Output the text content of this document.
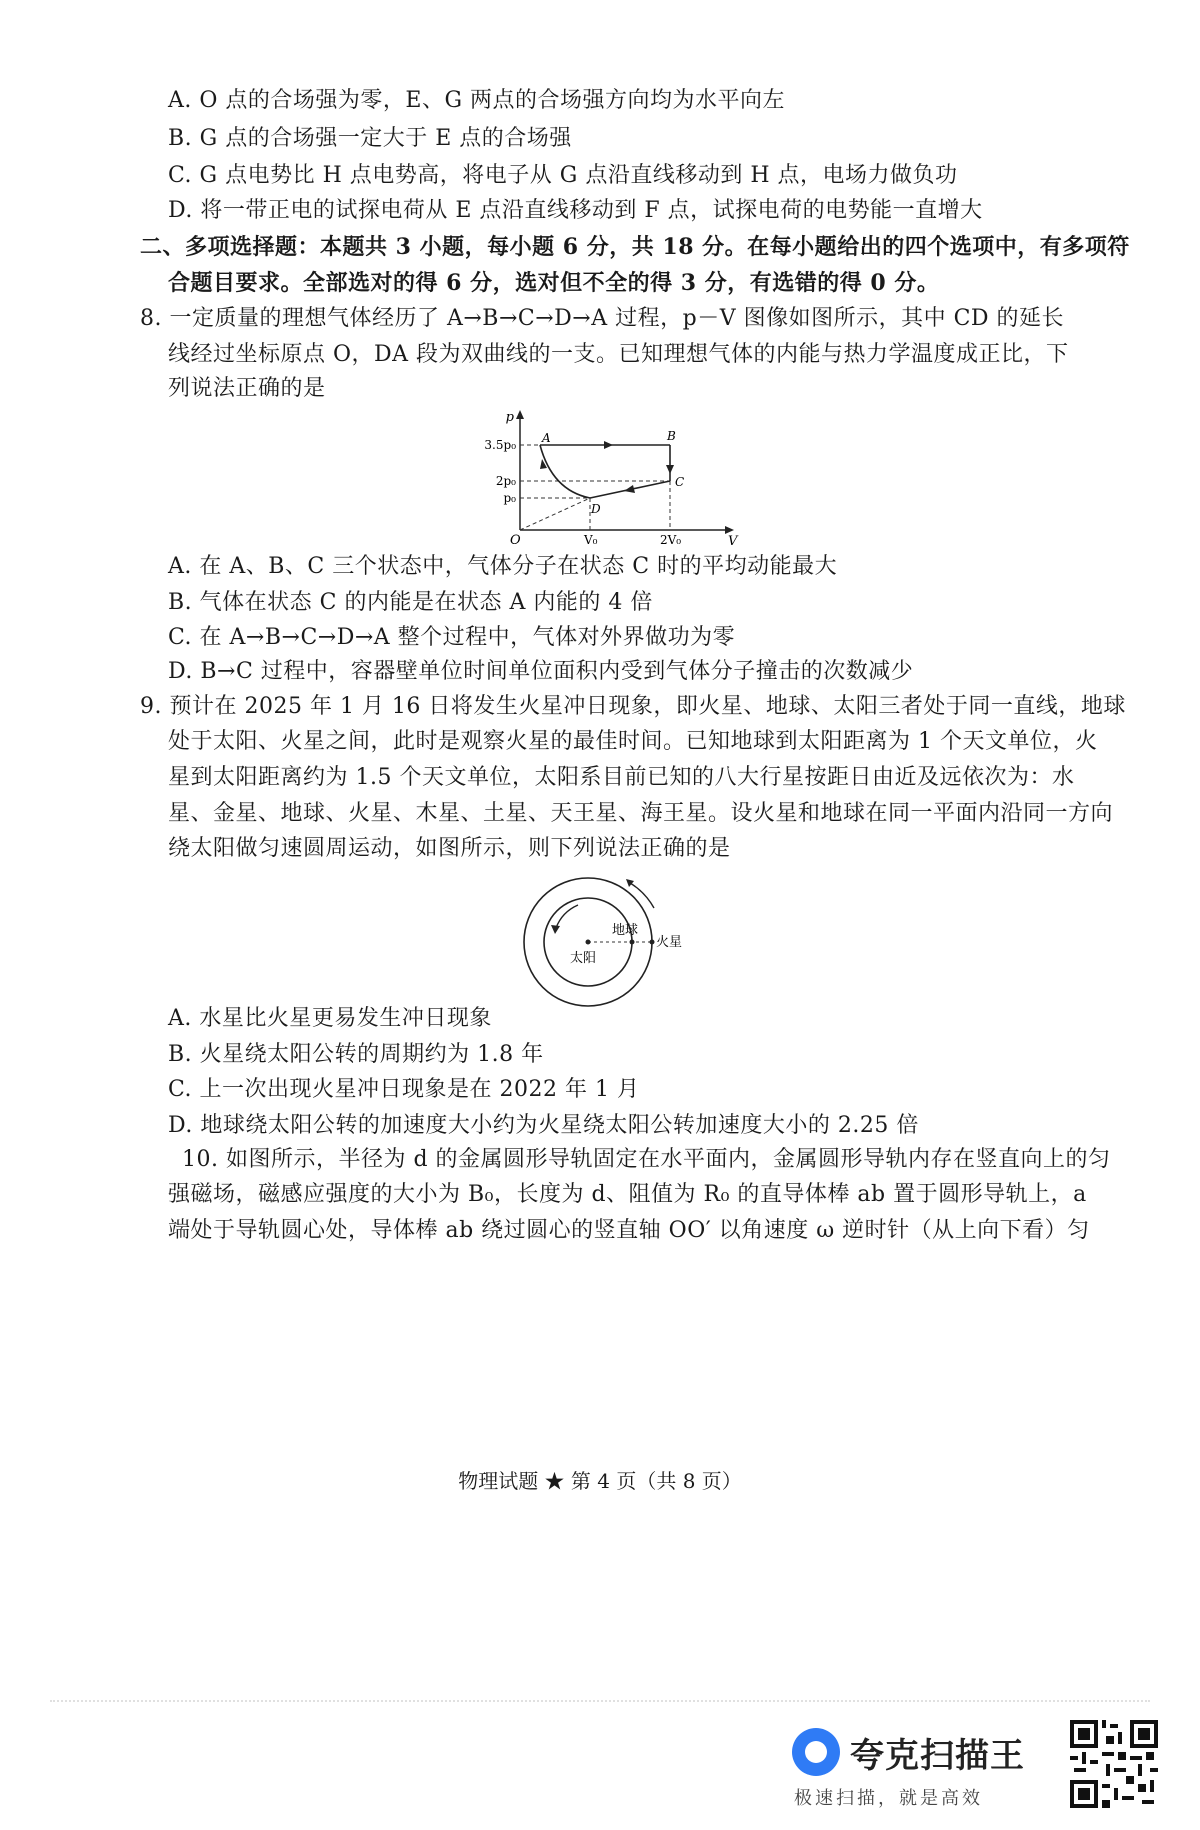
A. O 点的合场强为零，E、G 两点的合场强方向均为水平向左
B. G 点的合场强一定大于 E 点的合场强
C. G 点电势比 H 点电势高，将电子从 G 点沿直线移动到 H 点，电场力做负功
D. 将一带正电的试探电荷从 E 点沿直线移动到 F 点，试探电荷的电势能一直增大
二、多项选择题：本题共 3 小题，每小题 6 分，共 18 分。在每小题给出的四个选项中，有多项符
合题目要求。全部选对的得 6 分，选对但不全的得 3 分，有选错的得 0 分。
8. 一定质量的理想气体经历了 A→B→C→D→A 过程，p－V 图像如图所示，其中 CD 的延长
线经过坐标原点 O，DA 段为双曲线的一支。已知理想气体的内能与热力学温度成正比，下
列说法正确的是
p
V
O
3.5p₀
2p₀
p₀
V₀	2V₀
A	B
C
D
A. 在 A、B、C 三个状态中，气体分子在状态 C 时的平均动能最大
B. 气体在状态 C 的内能是在状态 A 内能的 4 倍
C. 在 A→B→C→D→A 整个过程中，气体对外界做功为零
D. B→C 过程中，容器壁单位时间单位面积内受到气体分子撞击的次数减少
9. 预计在 2025 年 1 月 16 日将发生火星冲日现象，即火星、地球、太阳三者处于同一直线，地球
处于太阳、火星之间，此时是观察火星的最佳时间。已知地球到太阳距离为 1 个天文单位，火
星到太阳距离约为 1.5 个天文单位，太阳系目前已知的八大行星按距日由近及远依次为：水
星、金星、地球、火星、木星、土星、天王星、海王星。设火星和地球在同一平面内沿同一方向
绕太阳做匀速圆周运动，如图所示，则下列说法正确的是
太阳
地球
火星
A. 水星比火星更易发生冲日现象
B. 火星绕太阳公转的周期约为 1.8 年
C. 上一次出现火星冲日现象是在 2022 年 1 月
D. 地球绕太阳公转的加速度大小约为火星绕太阳公转加速度大小的 2.25 倍
10. 如图所示，半径为 d 的金属圆形导轨固定在水平面内，金属圆形导轨内存在竖直向上的匀
强磁场，磁感应强度的大小为 B₀，长度为 d、阻值为 R₀ 的直导体棒 ab 置于圆形导轨上，a
端处于导轨圆心处，导体棒 ab 绕过圆心的竖直轴 OO′ 以角速度 ω 逆时针（从上向下看）匀
物理试题 ★ 第 4 页（共 8 页）
夸克扫描王
极速扫描，就是高效
